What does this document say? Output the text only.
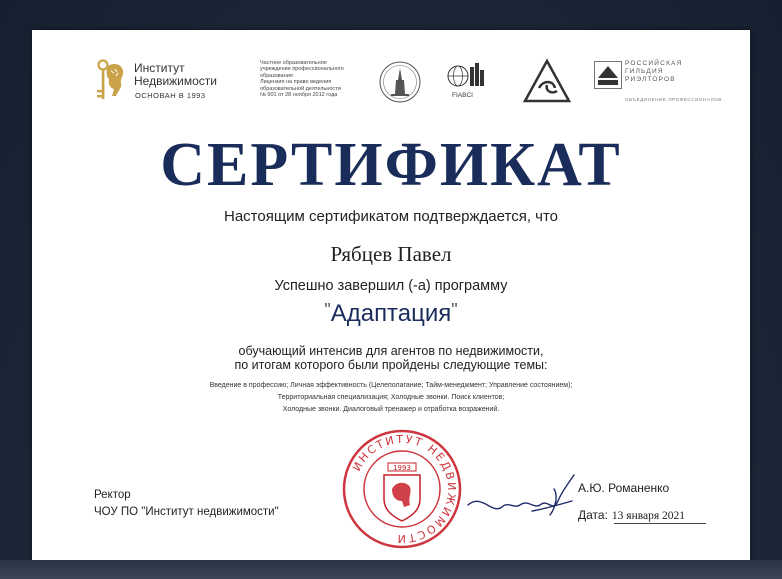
Институт
Недвижимости
ОСНОВАН В 1993
Частное образовательное
учреждение профессионального
образования
Лицензия на право ведения
образовательной деятельности
№ 901 от 28 ноября 2012 года	FIABCI
РОССИЙСКАЯ
ГИЛЬДИЯ
РИЭЛТОРОВ
ОБЪЕДИНЕНИЕ ПРОФЕССИОНАЛОВ
СЕРТИФИКАТ
Настоящим сертификатом подтверждается, что
Рябцев Павел
Успешно завершил (-а) программу
"Адаптация"
обучающий интенсив для агентов по недвижимости,
по итогам которого были пройдены следующие темы:
Введение в профессию; Личная эффективность (Целеполагание; Тайм-менеджмент; Управление состоянием);
Территориальная специализация; Холодные звонки. Поиск клиентов;
Холодные звонки. Диалоговый тренажер и отработка возражений.
Ректор
ЧОУ ПО "Институт недвижимости"
ИНСТИТУТ НЕДВИЖИМОСТИ
1993
А.Ю. Романенко
Дата: 13 января 2021
